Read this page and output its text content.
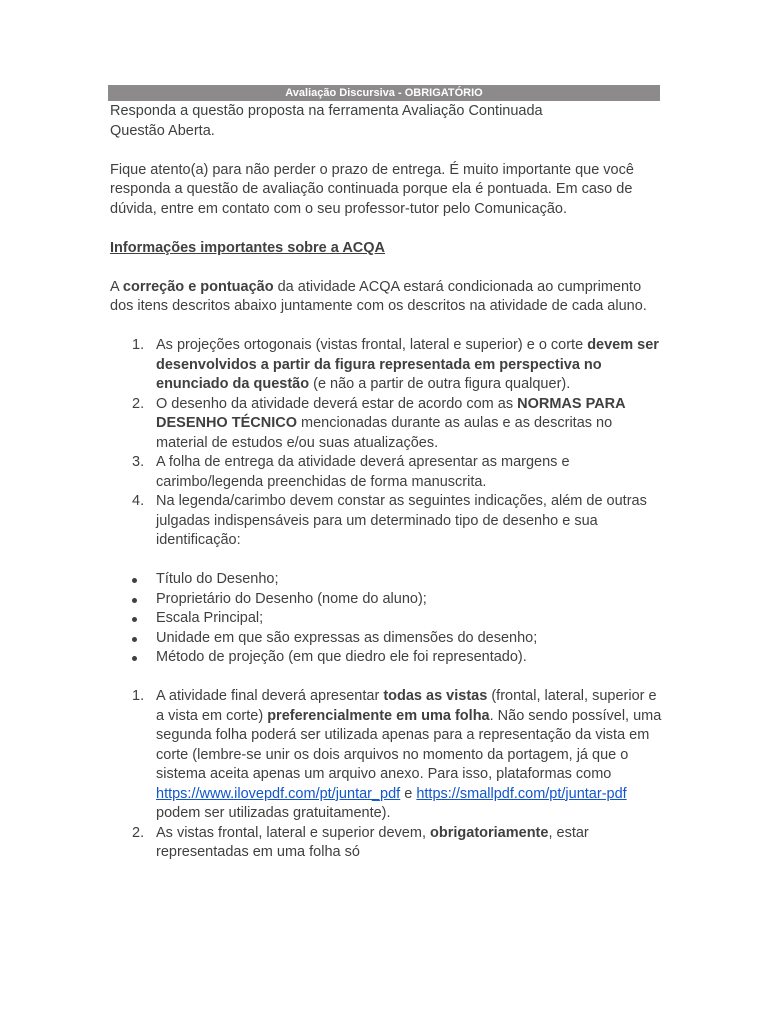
Avaliação Discursiva - OBRIGATÓRIO

Responda a questão proposta na ferramenta Avaliação Continuada

Questão Aberta.

Fique atento(a) para não perder o prazo de entrega. É muito importante que você responda a questão de avaliação continuada porque ela é pontuada. Em caso de dúvida, entre em contato com o seu professor-tutor pelo Comunicação.

Informações importantes sobre a ACQA

A correção e pontuação da atividade ACQA estará condicionada ao cumprimento dos itens descritos abaixo juntamente com os descritos na atividade de cada aluno.

1. As projeções ortogonais (vistas frontal, lateral e superior) e o corte devem ser desenvolvidos a partir da figura representada em perspectiva no enunciado da questão (e não a partir de outra figura qualquer).
2. O desenho da atividade deverá estar de acordo com as NORMAS PARA DESENHO TÉCNICO mencionadas durante as aulas e as descritas no material de estudos e/ou suas atualizações.
3. A folha de entrega da atividade deverá apresentar as margens e carimbo/legenda preenchidas de forma manuscrita.
4. Na legenda/carimbo devem constar as seguintes indicações, além de outras julgadas indispensáveis para um determinado tipo de desenho e sua identificação:
Título do Desenho;
Proprietário do Desenho (nome do aluno);
Escala Principal;
Unidade em que são expressas as dimensões do desenho;
Método de projeção (em que diedro ele foi representado).
1. A atividade final deverá apresentar todas as vistas (frontal, lateral, superior e a vista em corte) preferencialmente em uma folha. Não sendo possível, uma segunda folha poderá ser utilizada apenas para a representação da vista em corte (lembre-se unir os dois arquivos no momento da portagem, já que o sistema aceita apenas um arquivo anexo. Para isso, plataformas como https://www.ilovepdf.com/pt/juntar_pdf e https://smallpdf.com/pt/juntar-pdf podem ser utilizadas gratuitamente).
2. As vistas frontal, lateral e superior devem, obrigatoriamente, estar representadas em uma folha só
